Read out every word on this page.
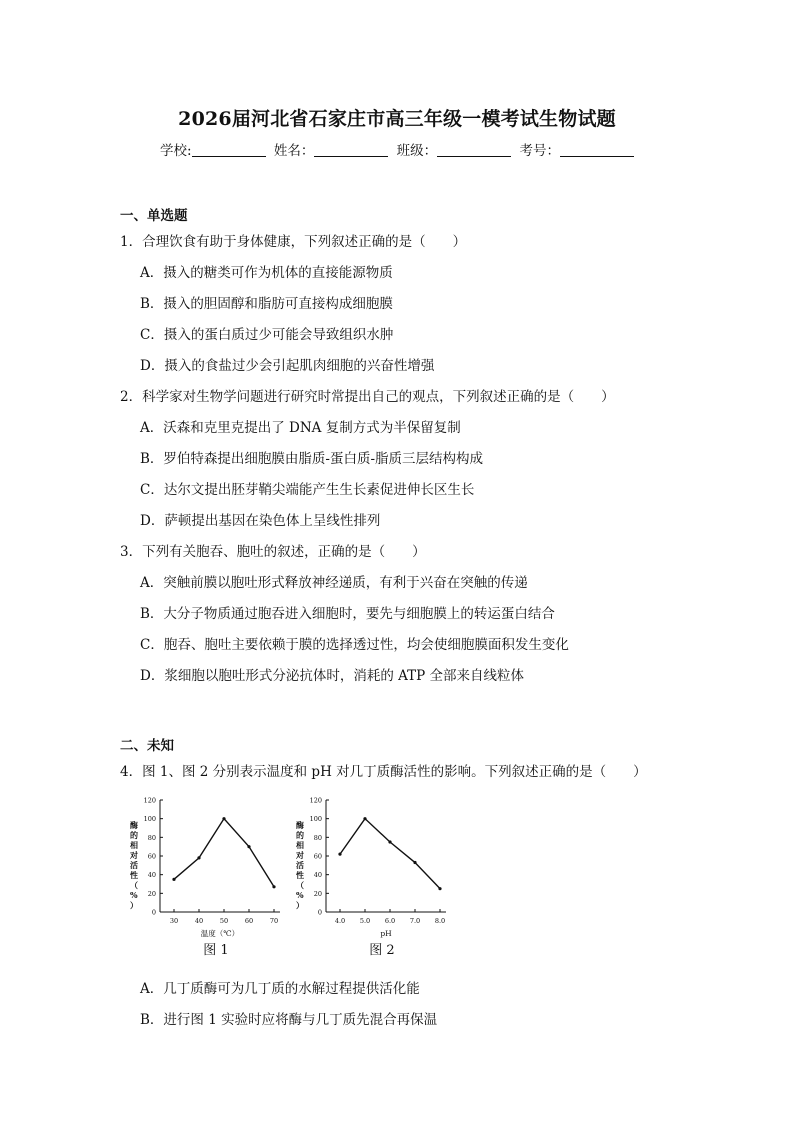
2026届河北省石家庄市高三年级一模考试生物试题
学校:	姓名：	班级：	考号：
一、单选题
1．合理饮食有助于身体健康，下列叙述正确的是（　　）
A．摄入的糖类可作为机体的直接能源物质
B．摄入的胆固醇和脂肪可直接构成细胞膜
C．摄入的蛋白质过少可能会导致组织水肿
D．摄入的食盐过少会引起肌肉细胞的兴奋性增强
2．科学家对生物学问题进行研究时常提出自己的观点，下列叙述正确的是（　　）
A．沃森和克里克提出了 DNA 复制方式为半保留复制
B．罗伯特森提出细胞膜由脂质-蛋白质-脂质三层结构构成
C．达尔文提出胚芽鞘尖端能产生生长素促进伸长区生长
D．萨顿提出基因在染色体上呈线性排列
3．下列有关胞吞、胞吐的叙述，正确的是（　　）
A．突触前膜以胞吐形式释放神经递质，有利于兴奋在突触的传递
B．大分子物质通过胞吞进入细胞时，要先与细胞膜上的转运蛋白结合
C．胞吞、胞吐主要依赖于膜的选择透过性，均会使细胞膜面积发生变化
D．浆细胞以胞吐形式分泌抗体时，消耗的 ATP 全部来自线粒体
二、未知
4．图 1、图 2 分别表示温度和 pH 对几丁质酶活性的影响。下列叙述正确的是（　　）
0
20
40
60
80
100
120
30	40	50	60	70
酶的相对活性（%）
温度（℃）
图 1
0
20
40
60
80
100
120
4.0 5.0 6.0 7.0 8.0
酶的相对活性（%）
pH
图 2
A．几丁质酶可为几丁质的水解过程提供活化能
B．进行图 1 实验时应将酶与几丁质先混合再保温
